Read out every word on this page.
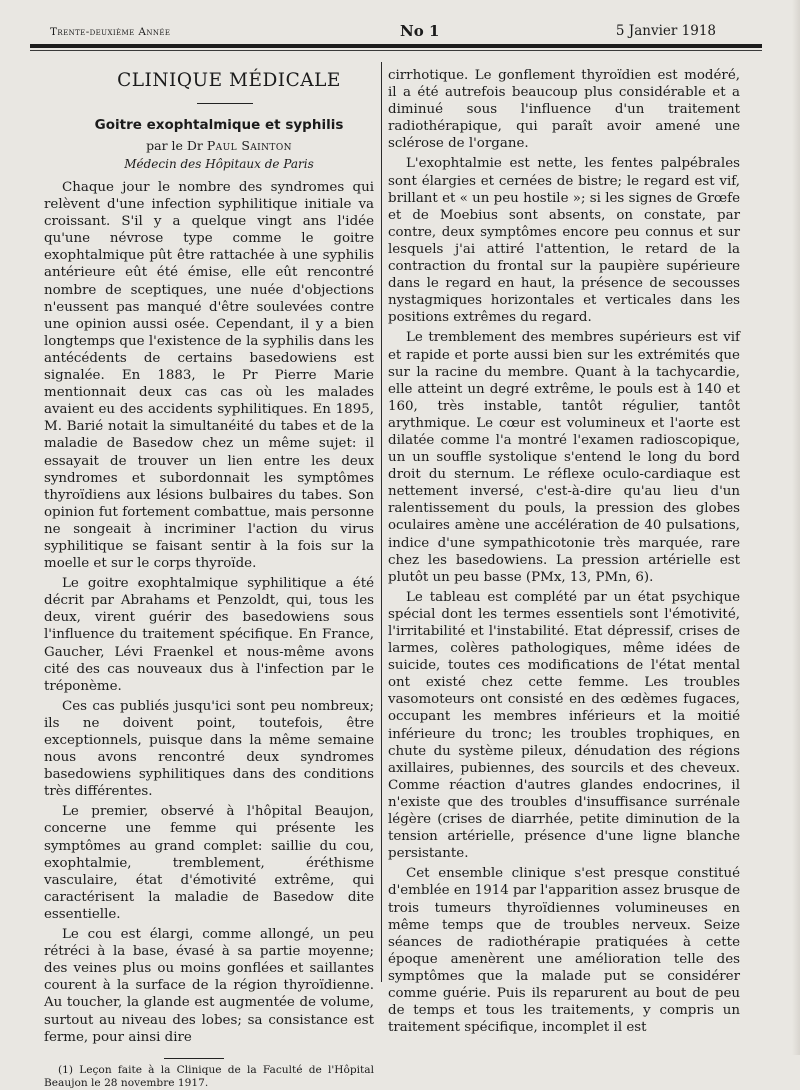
Trente-deuxième Année	No 1	5 Janvier 1918
CLINIQUE MÉDICALE
Goitre exophtalmique et syphilis
par le Dr Paul Sainton
Médecin des Hôpitaux de Paris

Chaque jour le nombre des syndromes qui relèvent d'une infection syphilitique initiale va croissant. S'il y a quelque vingt ans l'idée qu'une névrose type comme le goitre exophtalmique pût être rattachée à une syphilis antérieure eût été émise, elle eût rencontré nombre de sceptiques, une nuée d'objections n'eussent pas manqué d'être soulevées contre une opinion aussi osée. Cependant, il y a bien longtemps que l'existence de la syphilis dans les antécédents de certains basedowiens est signalée. En 1883, le Pr Pierre Marie mentionnait deux cas cas où les malades avaient eu des accidents syphilitiques. En 1895, M. Barié notait la simultanéité du tabes et de la maladie de Basedow chez un même sujet: il essayait de trouver un lien entre les deux syndromes et subordonnait les symptômes thyroïdiens aux lésions bulbaires du tabes. Son opinion fut fortement combattue, mais personne ne songeait à incriminer l'action du virus syphilitique se faisant sentir à la fois sur la moelle et sur le corps thyroïde.

Le goitre exophtalmique syphilitique a été décrit par Abrahams et Penzoldt, qui, tous les deux, virent guérir des basedowiens sous l'influence du traitement spécifique. En France, Gaucher, Lévi Fraenkel et nous-même avons cité des cas nouveaux dus à l'infection par le tréponème.

Ces cas publiés jusqu'ici sont peu nombreux; ils ne doivent point, toutefois, être exceptionnels, puisque dans la même semaine nous avons rencontré deux syndromes basedowiens syphilitiques dans des conditions très différentes.

Le premier, observé à l'hôpital Beaujon, concerne une femme qui présente les symptômes au grand complet: saillie du cou, exophtalmie, tremblement, éréthisme vasculaire, état d'émotivité extrême, qui caractérisent la maladie de Basedow dite essentielle.

Le cou est élargi, comme allongé, un peu rétréci à la base, évasé à sa partie moyenne; des veines plus ou moins gonflées et saillantes courent à la surface de la région thyroïdienne. Au toucher, la glande est augmentée de volume, surtout au niveau des lobes; sa consistance est ferme, pour ainsi dire

(1) Leçon faite à la Clinique de la Faculté de l'Hôpital Beaujon le 28 novembre 1917.

cirrhotique. Le gonflement thyroïdien est modéré, il a été autrefois beaucoup plus considérable et a diminué sous l'influence d'un traitement radiothérapique, qui paraît avoir amené une sclérose de l'organe.

L'exophtalmie est nette, les fentes palpébrales sont élargies et cernées de bistre; le regard est vif, brillant et « un peu hostile »; si les signes de Grœfe et de Moebius sont absents, on constate, par contre, deux symptômes encore peu connus et sur lesquels j'ai attiré l'attention, le retard de la contraction du frontal sur la paupière supérieure dans le regard en haut, la présence de secousses nystagmiques horizontales et verticales dans les positions extrêmes du regard.

Le tremblement des membres supérieurs est vif et rapide et porte aussi bien sur les extrémités que sur la racine du membre. Quant à la tachycardie, elle atteint un degré extrême, le pouls est à 140 et 160, très instable, tantôt régulier, tantôt arythmique. Le cœur est volumineux et l'aorte est dilatée comme l'a montré l'examen radioscopique, un un souffle systolique s'entend le long du bord droit du sternum. Le réflexe oculo-cardiaque est nettement inversé, c'est-à-dire qu'au lieu d'un ralentissement du pouls, la pression des globes oculaires amène une accélération de 40 pulsations, indice d'une sympathicotonie très marquée, rare chez les basedowiens. La pression artérielle est plutôt un peu basse (PMx, 13, PMn, 6).

Le tableau est complété par un état psychique spécial dont les termes essentiels sont l'émotivité, l'irritabilité et l'instabilité. Etat dépressif, crises de larmes, colères pathologiques, même idées de suicide, toutes ces modifications de l'état mental ont existé chez cette femme. Les troubles vasomoteurs ont consisté en des œdèmes fugaces, occupant les membres inférieurs et la moitié inférieure du tronc; les troubles trophiques, en chute du système pileux, dénudation des régions axillaires, pubiennes, des sourcils et des cheveux. Comme réaction d'autres glandes endocrines, il n'existe que des troubles d'insuffisance surrénale légère (crises de diarrhée, petite diminution de la tension artérielle, présence d'une ligne blanche persistante.

Cet ensemble clinique s'est presque constitué d'emblée en 1914 par l'apparition assez brusque de trois tumeurs thyroïdiennes volumineuses en même temps que de troubles nerveux. Seize séances de radiothérapie pratiquées à cette époque amenèrent une amélioration telle des symptômes que la malade put se considérer comme guérie. Puis ils reparurent au bout de peu de temps et tous les traitements, y compris un traitement spécifique, incomplet il est
